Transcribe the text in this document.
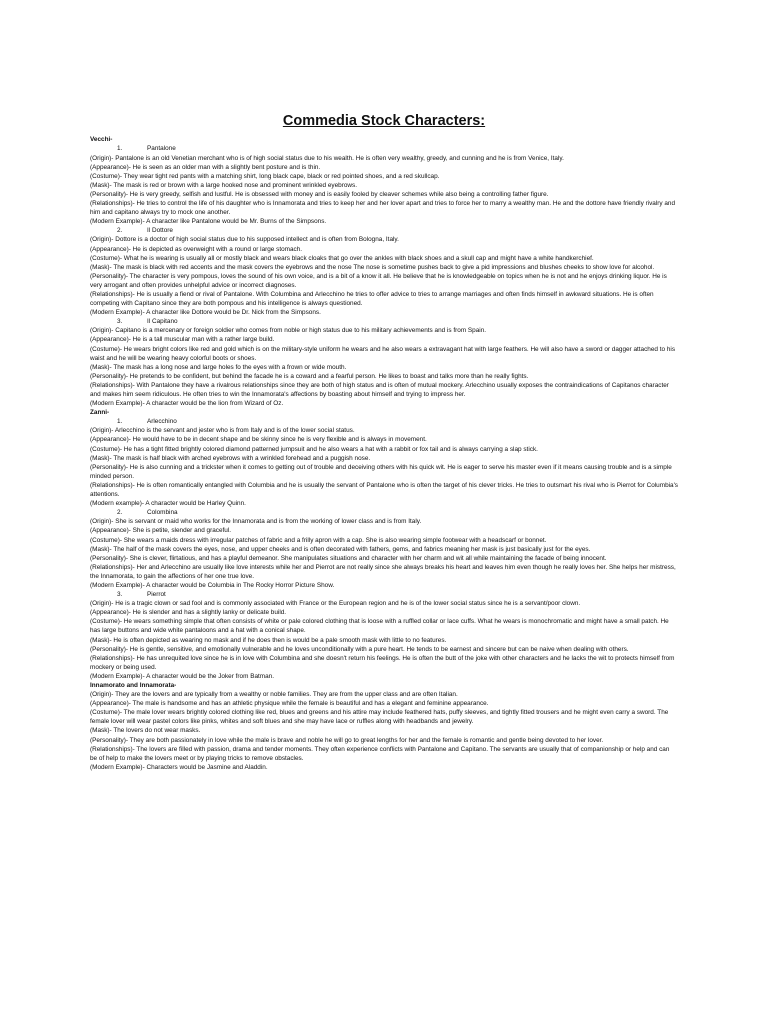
Commedia Stock Characters:
Vecchi-
1.	Pantalone
(Origin)- Pantalone is an old Venetian merchant who is of high social status due to his wealth. He is often very wealthy, greedy, and cunning and he is from Venice, Italy.
(Appearance)- He is seen as an older man with a slightly bent posture and is thin.
(Costume)- They wear tight red pants with a matching shirt, long black cape, black or red pointed shoes, and a red skullcap.
(Mask)- The mask is red or brown with a large hooked nose and prominent wrinkled eyebrows.
(Personality)- He is very greedy, selfish and lustful. He is obsessed with money and is easily fooled by cleaver schemes while also being a controlling father figure.
(Relationships)- He tries to control the life of his daughter who is Innamorata and tries to keep her and her lover apart and tries to force her to marry a wealthy man. He and the dottore have friendly rivalry and him and capitano always try to mock one another.
(Modern Example)- A character like Pantalone would be Mr. Burns of the Simpsons.
2.	Il Dottore
(Origin)- Dottore is a doctor of high social status due to his supposed intellect and is often from Bologna, Italy.
(Appearance)- He is depicted as overweight with a round or large stomach.
(Costume)- What he is wearing is usually all or mostly black and wears black cloaks that go over the ankles with black shoes and a skull cap and might have a white handkerchief.
(Mask)- The mask is black with red accents and the mask covers the eyebrows and the nose The nose is sometime pushes back to give a pid impressions and blushes cheeks to show love for alcohol.
(Personality)- The character is very pompous, loves the sound of his own voice, and is a bit of a know it all. He believe that he is knowledgeable on topics when he is not and he enjoys drinking liquor. He is very arrogant and often provides unhelpful advice or incorrect diagnoses.
(Relationships)- He is usually a fiend or rival of Pantalone. With Columbina and Arlecchino he tries to offer advice to tries to arrange marriages and often finds himself in awkward situations. He is often competing with Capitano since they are both pompous and his intelligence is always questioned.
(Modern Example)- A character like Dottore would be Dr. Nick from the Simpsons.
3.	Il Capitano
(Origin)- Capitano is a mercenary or foreign soldier who comes from noble or high status due to his military achievements and is from Spain.
(Appearance)- He is a tall muscular man with a rather large build.
(Costume)- He wears bright colors like red and gold which is on the military-style uniform he wears and he also wears a extravagant hat with large feathers. He will also have a sword or dagger attached to his waist and he will be wearing heavy colorful boots or shoes.
(Mask)- The mask has a long nose and large holes fo the eyes with a frown or wide mouth.
(Personality)- He pretends to be confident, but behind the facade he is a coward and a fearful person. He likes to boast and talks more than he really fights.
(Relationships)- With Pantalone they have a rivalrous relationships since they are both of high status and is often of mutual mockery. Arlecchino usually exposes the contraindications of Capitanos character and makes him seem ridiculous. He often tries to win the Innamorata's affections by boasting about himself and trying to impress her.
(Modern Example)- A character would be the lion from Wizard of Oz.
Zanni-
1.	Arlecchino
(Origin)- Arlecchino is the servant and jester who is from Italy and is of the lower social status.
(Appearance)- He would have to be in decent shape and be skinny since he is very flexible and is always in movement.
(Costume)- He has a tight fitted brightly colored diamond patterned jumpsuit and he also wears a hat with a rabbit or fox tail and is always carrying a slap stick.
(Mask)- The mask is half black with arched eyebrows with a wrinkled forehead and a puggish nose.
(Personality)- He is also cunning and a trickster when it comes to getting out of trouble and deceiving others with his quick wit. He is eager to serve his master even if it means causing trouble and is a simple minded person.
(Relationships)- He is often romantically entangled with Columbia and he is usually the servant of Pantalone who is often the target of his clever tricks. He tries to outsmart his rival who is Pierrot for Columbia's attentions.
(Modern example)- A character would be Harley Quinn.
2.	Colombina
(Origin)- She is servant or maid who works for the Innamorata and is from the working of lower class and is from Italy.
(Appearance)- She is petite, slender and graceful.
(Costume)- She wears a maids dress with irregular patches of fabric and a frilly apron with a cap. She is also wearing simple footwear with a headscarf or bonnet.
(Mask)- The half of the mask covers the eyes, nose, and upper cheeks and is often decorated with fathers, gems, and fabrics meaning her mask is just basically just for the eyes.
(Personality)- She is clever, flirtatious, and has a playful demeanor. She manipulates situations and character with her charm and wit all while maintaining the facade of being innocent.
(Relationships)- Her and Arlecchino are usually like love interests while her and Pierrot are not really since she always breaks his heart and leaves him even though he really loves her. She helps her mistress, the Innamorata, to gain the affections of her one true love.
(Modern Example)- A character would be Columbia in The Rocky Horror Picture Show.
3.	Pierrot
(Origin)- He is a tragic clown or sad fool and is commonly associated with France or the European region and he is of the lower social status since he is a servant/poor clown.
(Appearance)- He is slender and has a slightly lanky or delicate build.
(Costume)- He wears something simple that often consists of white or pale colored clothing that is loose with a ruffled collar or lace cuffs. What he wears is monochromatic and might have a small patch. He has large buttons and wide white pantaloons and a hat with a conical shape.
(Mask)- He is often depicted as wearing no mask and if he does then is would be a pale smooth mask with little to no features.
(Personality)- He is gentle, sensitive, and emotionally vulnerable and he loves unconditionally with a pure heart. He tends to be earnest and sincere but can be naive when dealing with others.
(Relationships)- He has unrequited love since he is in love with Columbina and she doesn't return his feelings. He is often the butt of the joke with other characters and he lacks the wit to protects himself from mockery or being used.
(Modern Example)- A character would be the Joker from Batman.
Innamorato and Innamorata-
(Origin)- They are the lovers and are typically from a wealthy or noble families. They are from the upper class and are often Italian.
(Appearance)- The male is handsome and has an athletic physique while the female is beautiful and has a elegant and feminine appearance.
(Costume)- The male lover wears brightly colored clothing like red, blues and greens and his attire may include feathered hats, puffy sleeves, and tightly fitted trousers and he might even carry a sword. The female lover will wear pastel colors like pinks, whites and soft blues and she may have lace or ruffles along with headbands and jewelry.
(Mask)- The lovers do not wear masks.
(Personality)- They are both passionately in love while the male is brave and noble he will go to great lengths for her and the female is romantic and gentle being devoted to her lover.
(Relationships)- The lovers are filled with passion, drama and tender moments. They often experience conflicts with Pantalone and Capitano. The servants are usually that of companionship or help and can be of help to make the lovers meet or by playing tricks to remove obstacles.
(Modern Example)- Characters would be Jasmine and Aladdin.
